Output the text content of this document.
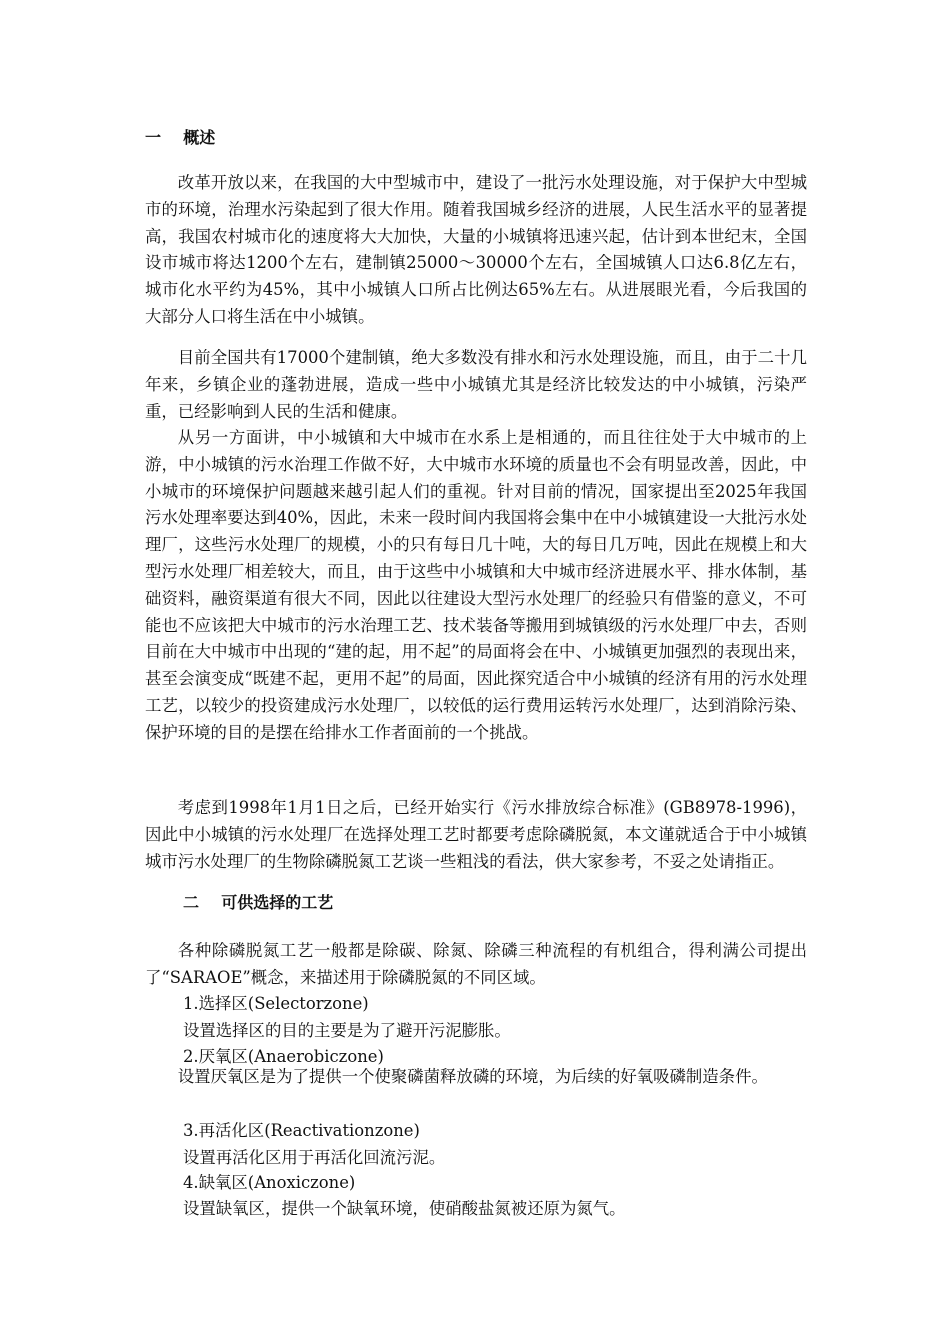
一    概述

改革开放以来，在我国的大中型城市中，建设了一批污水处理设施，对于保护大中型城市的环境，治理水污染起到了很大作用。随着我国城乡经济的进展，人民生活水平的显著提高，我国农村城市化的速度将大大加快，大量的小城镇将迅速兴起，估计到本世纪末，全国设市城市将达1200个左右，建制镇25000～30000个左右，全国城镇人口达6.8亿左右，城市化水平约为45%，其中小城镇人口所占比例达65%左右。从进展眼光看，今后我国的大部分人口将生活在中小城镇。

目前全国共有17000个建制镇，绝大多数没有排水和污水处理设施，而且，由于二十几年来，乡镇企业的蓬勃进展，造成一些中小城镇尤其是经济比较发达的中小城镇，污染严重，已经影响到人民的生活和健康。

从另一方面讲，中小城镇和大中城市在水系上是相通的，而且往往处于大中城市的上游，中小城镇的污水治理工作做不好，大中城市水环境的质量也不会有明显改善，因此，中小城市的环境保护问题越来越引起人们的重视。针对目前的情况，国家提出至2025年我国污水处理率要达到40%，因此，未来一段时间内我国将会集中在中小城镇建设一大批污水处理厂，这些污水处理厂的规模，小的只有每日几十吨，大的每日几万吨，因此在规模上和大型污水处理厂相差较大，而且，由于这些中小城镇和大中城市经济进展水平、排水体制，基础资料，融资渠道有很大不同，因此以往建设大型污水处理厂的经验只有借鉴的意义，不可能也不应该把大中城市的污水治理工艺、技术装备等搬用到城镇级的污水处理厂中去，否则目前在大中城市中出现的“建的起，用不起”的局面将会在中、小城镇更加强烈的表现出来，甚至会演变成“既建不起，更用不起”的局面，因此探究适合中小城镇的经济有用的污水处理工艺，以较少的投资建成污水处理厂，以较低的运行费用运转污水处理厂，达到消除污染、保护环境的目的是摆在给排水工作者面前的一个挑战。

考虑到1998年1月1日之后，已经开始实行《污水排放综合标准》(GB8978-1996)，因此中小城镇的污水处理厂在选择处理工艺时都要考虑除磷脱氮，本文谨就适合于中小城镇城市污水处理厂的生物除磷脱氮工艺谈一些粗浅的看法，供大家参考，不妥之处请指正。

二    可供选择的工艺

各种除磷脱氮工艺一般都是除碳、除氮、除磷三种流程的有机组合，得利满公司提出了“SARAOE”概念，来描述用于除磷脱氮的不同区域。

1.选择区(Selectorzone)
设置选择区的目的主要是为了避开污泥膨胀。
2.厌氧区(Anaerobiczone)

设置厌氧区是为了提供一个使聚磷菌释放磷的环境，为后续的好氧吸磷制造条件。

3.再活化区(Reactivationzone)
设置再活化区用于再活化回流污泥。
4.缺氧区(Anoxiczone)
设置缺氧区，提供一个缺氧环境，使硝酸盐氮被还原为氮气。
